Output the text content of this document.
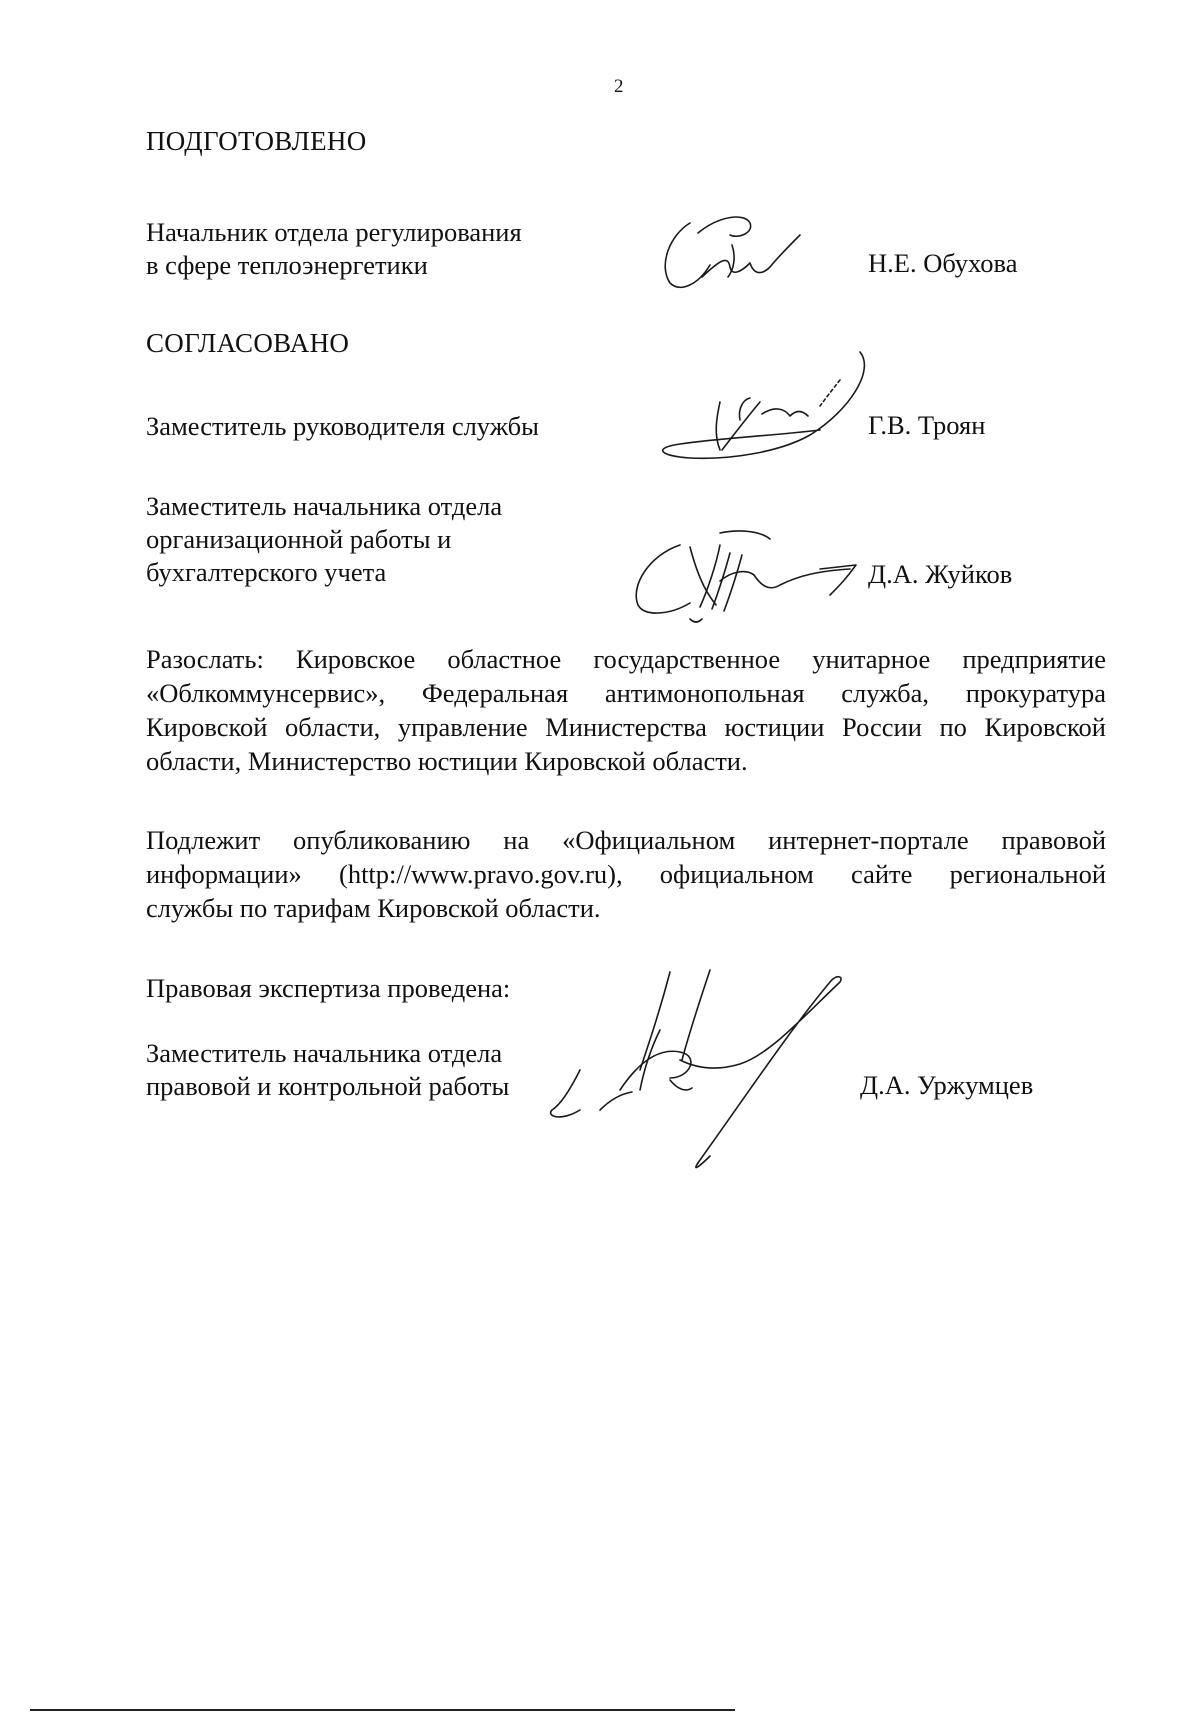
2
ПОДГОТОВЛЕНО
Начальник отдела регулирования
в сфере теплоэнергетики	Н.Е. Обухова
СОГЛАСОВАНО
Заместитель руководителя службы	Г.В. Троян
Заместитель начальника отдела
организационной работы и
бухгалтерского учета	Д.А. Жуйков
Разослать: Кировское областное государственное унитарное предприятие
«Облкоммунсервис», Федеральная антимонопольная служба, прокуратура
Кировской области, управление Министерства юстиции России по Кировской
области, Министерство юстиции Кировской области.
Подлежит опубликованию на «Официальном интернет-портале правовой
информации» (http://www.pravo.gov.ru), официальном сайте региональной
службы по тарифам Кировской области.
Правовая экспертиза проведена:
Заместитель начальника отдела
правовой и контрольной работы	Д.А. Уржумцев
